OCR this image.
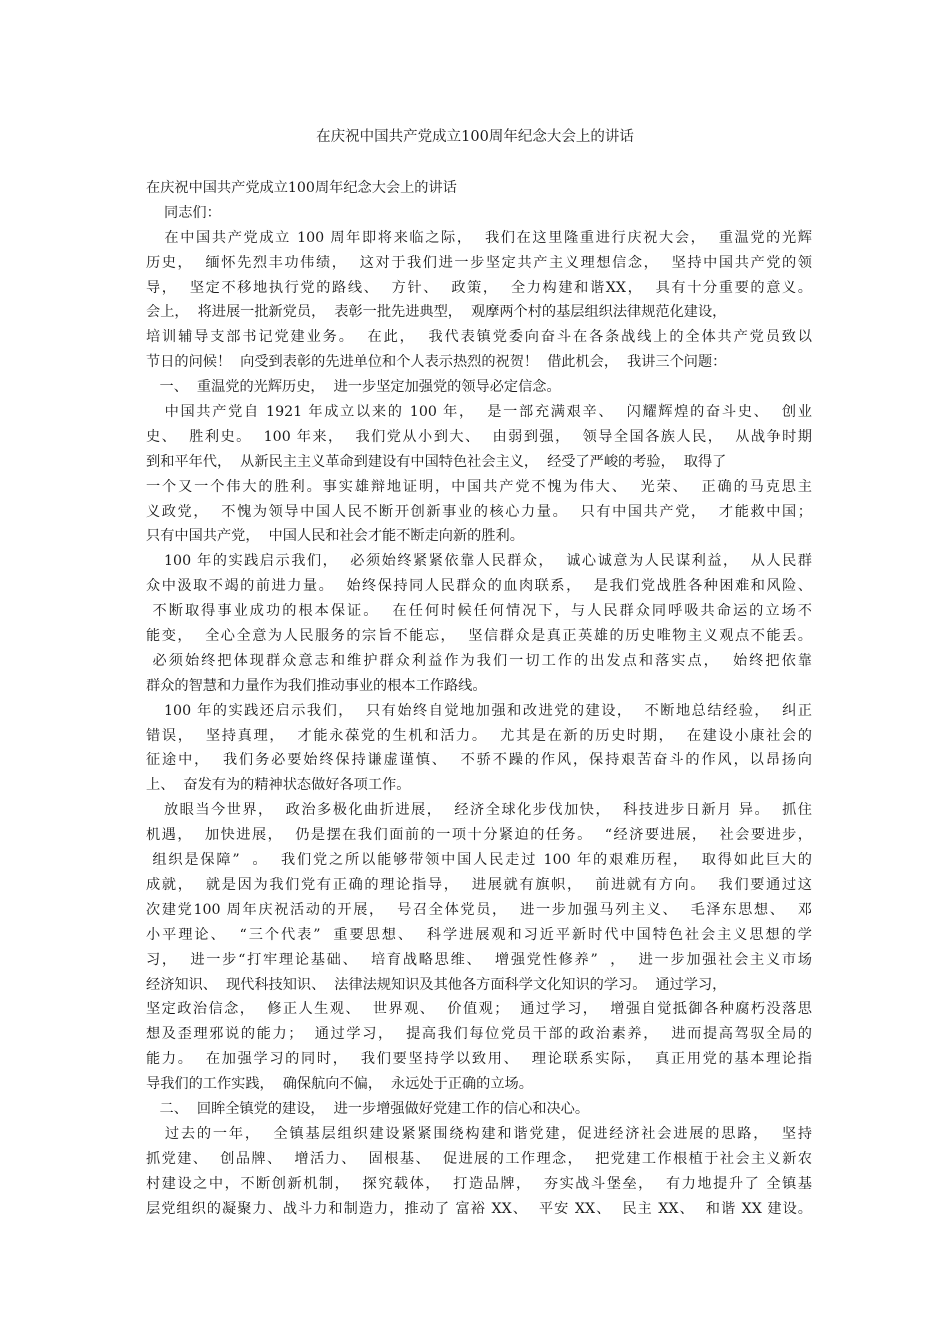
在庆祝中国共产党成立100周年纪念大会上的讲话
在庆祝中国共产党成立100周年纪念大会上的讲话
同志们：
在中国共产党成立 100 周年即将来临之际，  我们在这里隆重进行庆祝大会，  重温党的光辉
历史，  缅怀先烈丰功伟绩，  这对于我们进一步坚定共产主义理想信念，  坚持中国共产党的领
导，  坚定不移地执行党的路线、  方针、  政策，  全力构建和谐XX，  具有十分重要的意义。
会上，  将进展一批新党员，  表彰一批先进典型，  观摩两个村的基层组织法律规范化建设，
培训辅导支部书记党建业务。  在此，  我代表镇党委向奋斗在各条战线上的全体共产党员致以
节日的问候！  向受到表彰的先进单位和个人表示热烈的祝贺！  借此机会，  我讲三个问题：
一、  重温党的光辉历史，  进一步坚定加强党的领导必定信念。
中国共产党自 1921 年成立以来的 100 年，  是一部充满艰辛、  闪耀辉煌的奋斗史、  创业
史、  胜利史。  100 年来，  我们党从小到大、  由弱到强，  领导全国各族人民，  从战争时期
到和平年代，  从新民主主义革命到建设有中国特色社会主义，  经受了严峻的考验，  取得了
一个又一个伟大的胜利。事实雄辩地证明，中国共产党不愧为伟大、  光荣、  正确的马克思主
义政党，  不愧为领导中国人民不断开创新事业的核心力量。  只有中国共产党，  才能救中国；
只有中国共产党，  中国人民和社会才能不断走向新的胜利。
100 年的实践启示我们，  必须始终紧紧依靠人民群众，  诚心诚意为人民谋利益，  从人民群
众中汲取不竭的前进力量。  始终保持同人民群众的血肉联系，  是我们党战胜各种困难和风险、
不断取得事业成功的根本保证。  在任何时候任何情况下，与人民群众同呼吸共命运的立场不
能变，  全心全意为人民服务的宗旨不能忘，  坚信群众是真正英雄的历史唯物主义观点不能丢。
必须始终把体现群众意志和维护群众利益作为我们一切工作的出发点和落实点，  始终把依靠
群众的智慧和力量作为我们推动事业的根本工作路线。
100 年的实践还启示我们，  只有始终自觉地加强和改进党的建设，  不断地总结经验，  纠正
错误，  坚持真理，  才能永葆党的生机和活力。  尤其是在新的历史时期，  在建设小康社会的
征途中，  我们务必要始终保持谦虚谨慎、  不骄不躁的作风，保持艰苦奋斗的作风，以昂扬向
上、  奋发有为的精神状态做好各项工作。
放眼当今世界，  政治多极化曲折进展，  经济全球化步伐加快，  科技进步日新月 异。  抓住
机遇，  加快进展，  仍是摆在我们面前的一项十分紧迫的任务。  “经济要进展，  社会要进步，
组织是保障”  。  我们党之所以能够带领中国人民走过 100 年的艰难历程，  取得如此巨大的
成就，  就是因为我们党有正确的理论指导，  进展就有旗帜，  前进就有方向。  我们要通过这
次建党100 周年庆祝活动的开展，  号召全体党员，  进一步加强马列主义、  毛泽东思想、  邓
小平理论、  “三个代表”  重要思想、  科学进展观和习近平新时代中国特色社会主义思想的学
习，  进一步“打牢理论基础、  培育战略思维、  增强党性修养”  ，  进一步加强社会主义市场
经济知识、  现代科技知识、  法律法规知识及其他各方面科学文化知识的学习。  通过学习，
坚定政治信念，  修正人生观、  世界观、  价值观；  通过学习，  增强自觉抵御各种腐朽没落思
想及歪理邪说的能力；  通过学习，  提高我们每位党员干部的政治素养，  进而提高驾驭全局的
能力。  在加强学习的同时，  我们要坚持学以致用、  理论联系实际，  真正用党的基本理论指
导我们的工作实践，  确保航向不偏，  永远处于正确的立场。
二、  回眸全镇党的建设，  进一步增强做好党建工作的信心和决心。
过去的一年，  全镇基层组织建设紧紧围绕构建和谐党建，促进经济社会进展的思路，  坚持
抓党建、  创品牌、  增活力、  固根基、  促进展的工作理念，  把党建工作根植于社会主义新农
村建设之中，不断创新机制，  探究载体，  打造品牌，  夯实战斗堡垒，  有力地提升了 全镇基
层党组织的凝聚力、战斗力和制造力，推动了 富裕 XX、  平安 XX、  民主 XX、  和谐 XX 建设。
